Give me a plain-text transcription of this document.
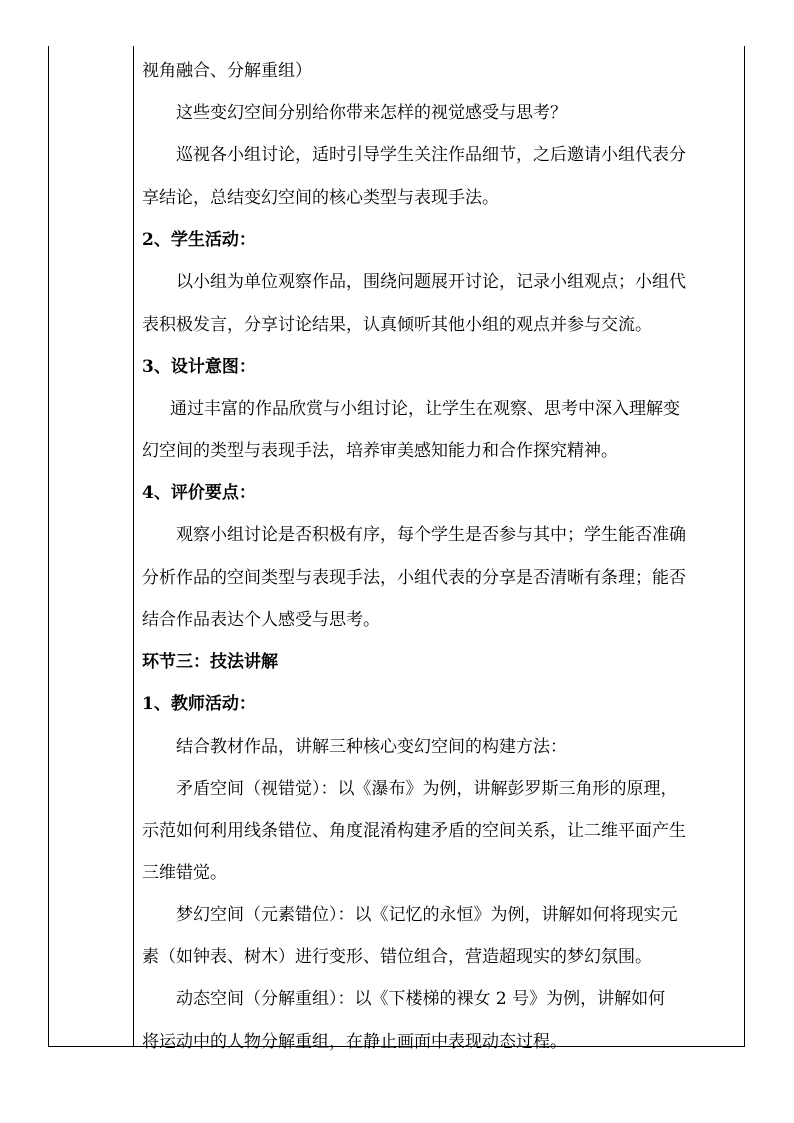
视角融合、分解重组）
这些变幻空间分别给你带来怎样的视觉感受与思考？
巡视各小组讨论，适时引导学生关注作品细节，之后邀请小组代表分
享结论，总结变幻空间的核心类型与表现手法。
2、学生活动：
以小组为单位观察作品，围绕问题展开讨论，记录小组观点；小组代
表积极发言，分享讨论结果，认真倾听其他小组的观点并参与交流。
3、设计意图：
通过丰富的作品欣赏与小组讨论，让学生在观察、思考中深入理解变
幻空间的类型与表现手法，培养审美感知能力和合作探究精神。
4、评价要点：
观察小组讨论是否积极有序，每个学生是否参与其中；学生能否准确
分析作品的空间类型与表现手法，小组代表的分享是否清晰有条理；能否
结合作品表达个人感受与思考。
环节三：技法讲解
1、教师活动：
结合教材作品，讲解三种核心变幻空间的构建方法：
矛盾空间（视错觉）：以《瀑布》为例，讲解彭罗斯三角形的原理，
示范如何利用线条错位、角度混淆构建矛盾的空间关系，让二维平面产生
三维错觉。
梦幻空间（元素错位）：以《记忆的永恒》为例，讲解如何将现实元
素（如钟表、树木）进行变形、错位组合，营造超现实的梦幻氛围。
动态空间（分解重组）：以《下楼梯的裸女 2 号》为例，讲解如何
将运动中的人物分解重组，在静止画面中表现动态过程。
